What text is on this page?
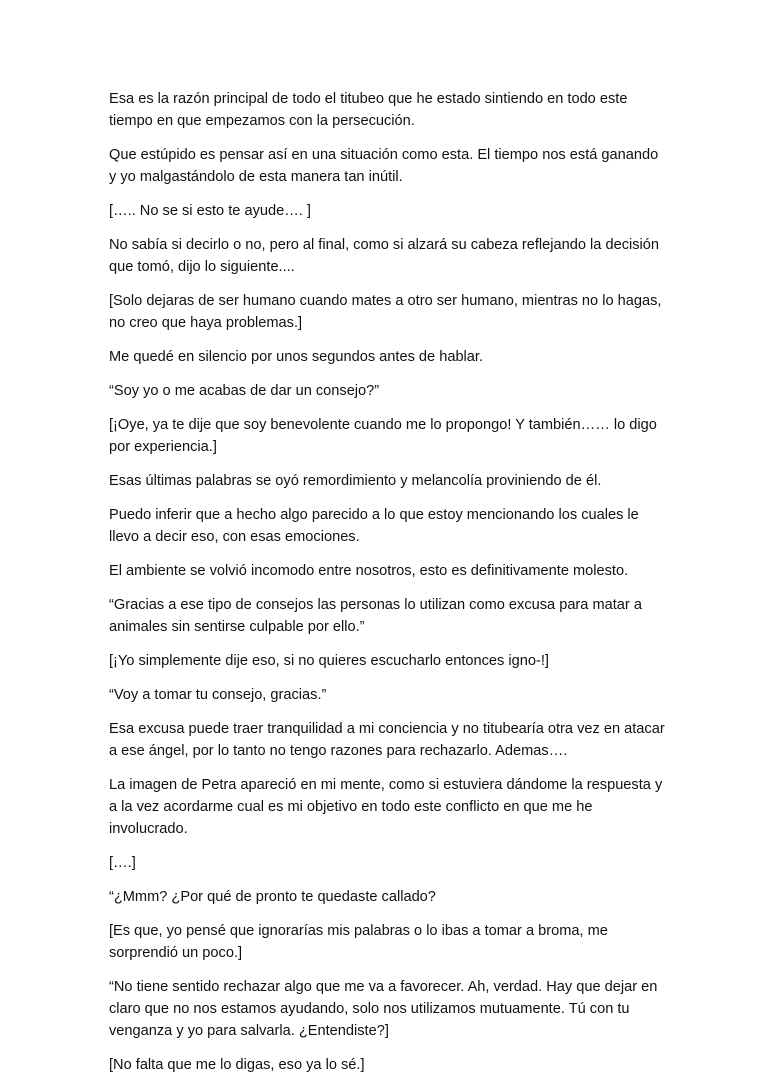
Esa es la razón principal de todo el titubeo que he estado sintiendo en todo este tiempo en que empezamos con la persecución.

Que estúpido es pensar así en una situación como esta. El tiempo nos está ganando y yo malgastándolo de esta manera tan inútil.

[….. No se si esto te ayude…. ]

No sabía si decirlo o no, pero al final, como si alzará su cabeza reflejando la decisión que tomó, dijo lo siguiente....

[Solo dejaras de ser humano cuando mates a otro ser humano, mientras no lo hagas, no creo que haya problemas.]

Me quedé en silencio por unos segundos antes de hablar.

“Soy yo o me acabas de dar un consejo?”

[¡Oye, ya te dije que soy benevolente cuando me lo propongo! Y también…… lo digo por experiencia.]

Esas últimas palabras se oyó remordimiento y melancolía proviniendo de él.

Puedo inferir que a hecho algo parecido a lo que estoy mencionando los cuales le llevo a decir eso, con esas emociones.

El ambiente se volvió incomodo entre nosotros, esto es definitivamente molesto.

“Gracias a ese tipo de consejos las personas lo utilizan como excusa para matar a animales sin sentirse culpable por ello.”

[¡Yo simplemente dije eso, si no quieres escucharlo entonces igno-!]

“Voy a tomar tu consejo, gracias.”

Esa excusa puede traer tranquilidad a mi conciencia y no titubearía otra vez en atacar a ese ángel, por lo tanto no tengo razones para rechazarlo. Ademas….

La imagen de Petra apareció en mi mente, como si estuviera dándome la respuesta y a la vez acordarme cual es mi objetivo en todo este conflicto en que me he involucrado.

[….]

“¿Mmm? ¿Por qué de pronto te quedaste callado?

[Es que, yo pensé que ignorarías mis palabras o lo ibas a tomar a broma, me sorprendió un poco.]

“No tiene sentido rechazar algo que me va a favorecer. Ah, verdad. Hay que dejar en claro que no nos estamos ayudando, solo nos utilizamos mutuamente. Tú con tu venganza y yo para salvarla. ¿Entendiste?]

[No falta que me lo digas, eso ya lo sé.]
